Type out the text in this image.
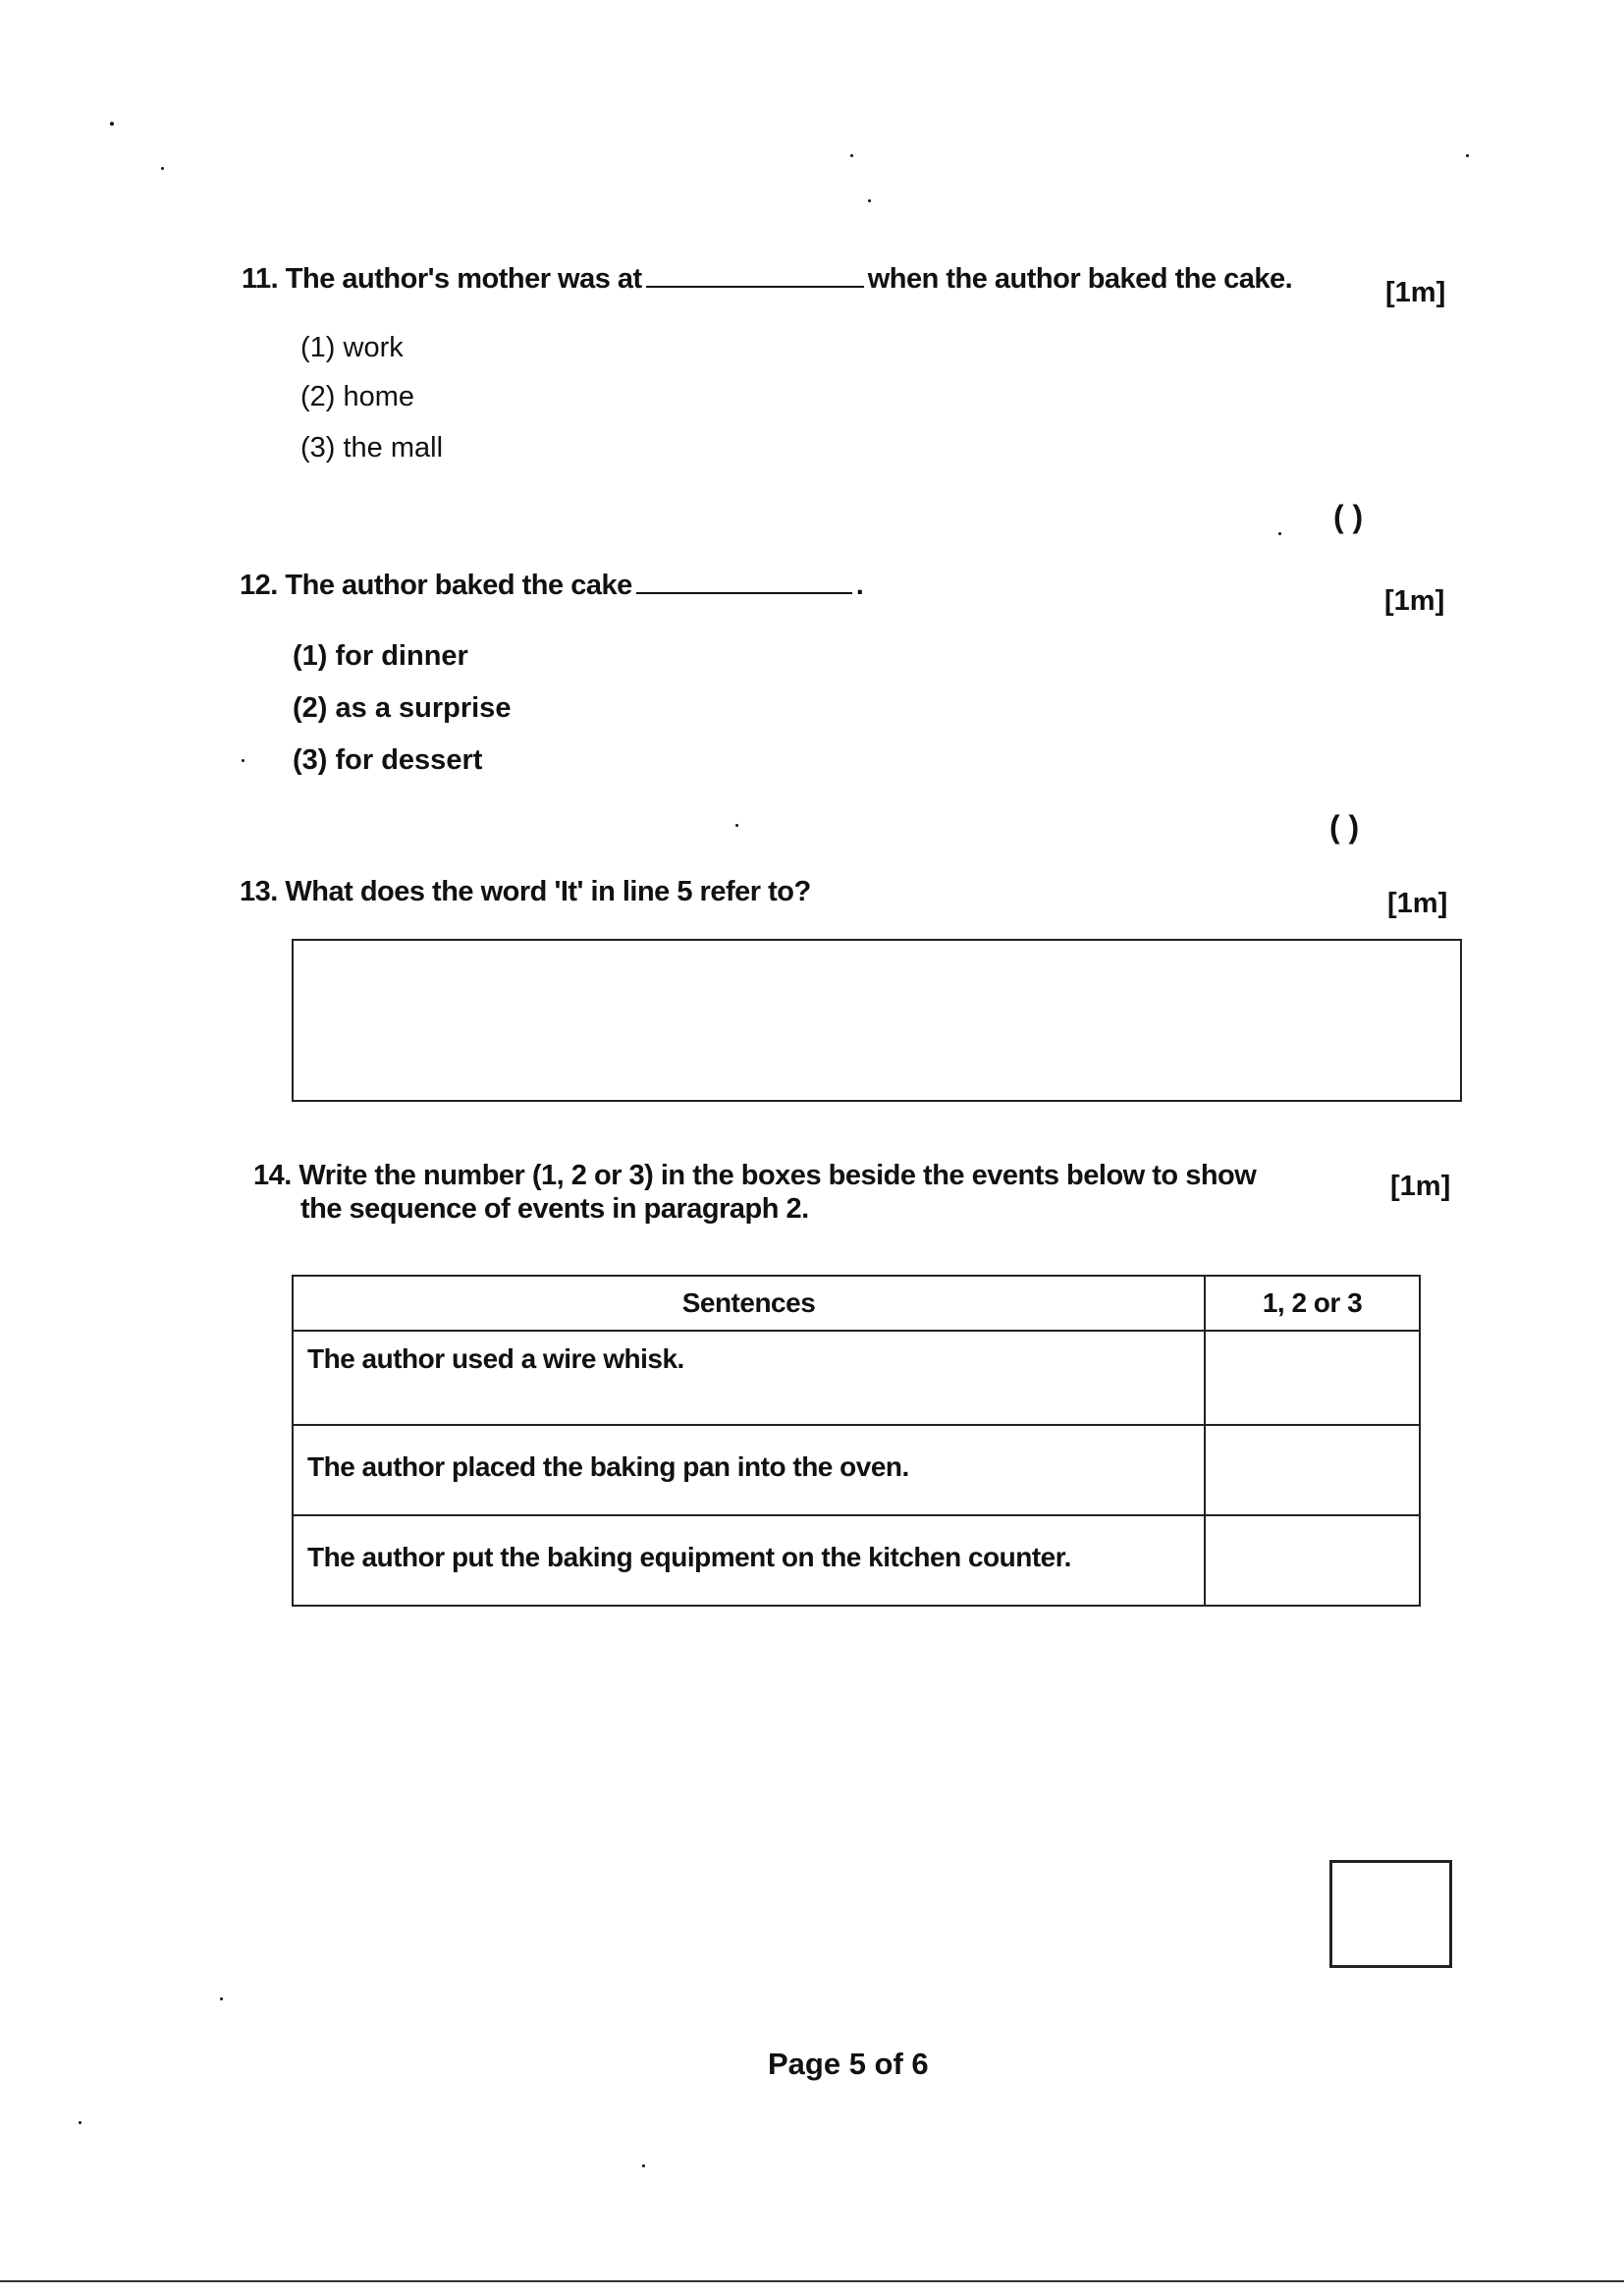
11. The author's mother was at	when the author baked the cake.	[1m]
(1) work
(2) home
(3) the mall
( )
12. The author baked the cake	.	[1m]
(1) for dinner
(2) as a surprise
(3) for dessert
( )
13. What does the word 'It' in line 5 refer to?	[1m]
14. Write the number (1, 2 or 3) in the boxes beside the events below to show
the sequence of events in paragraph 2.
[1m]
Sentences	1, 2 or 3
The author used a wire whisk.	
The author placed the baking pan into the oven.	
The author put the baking equipment on the kitchen counter.	
Page 5 of 6
